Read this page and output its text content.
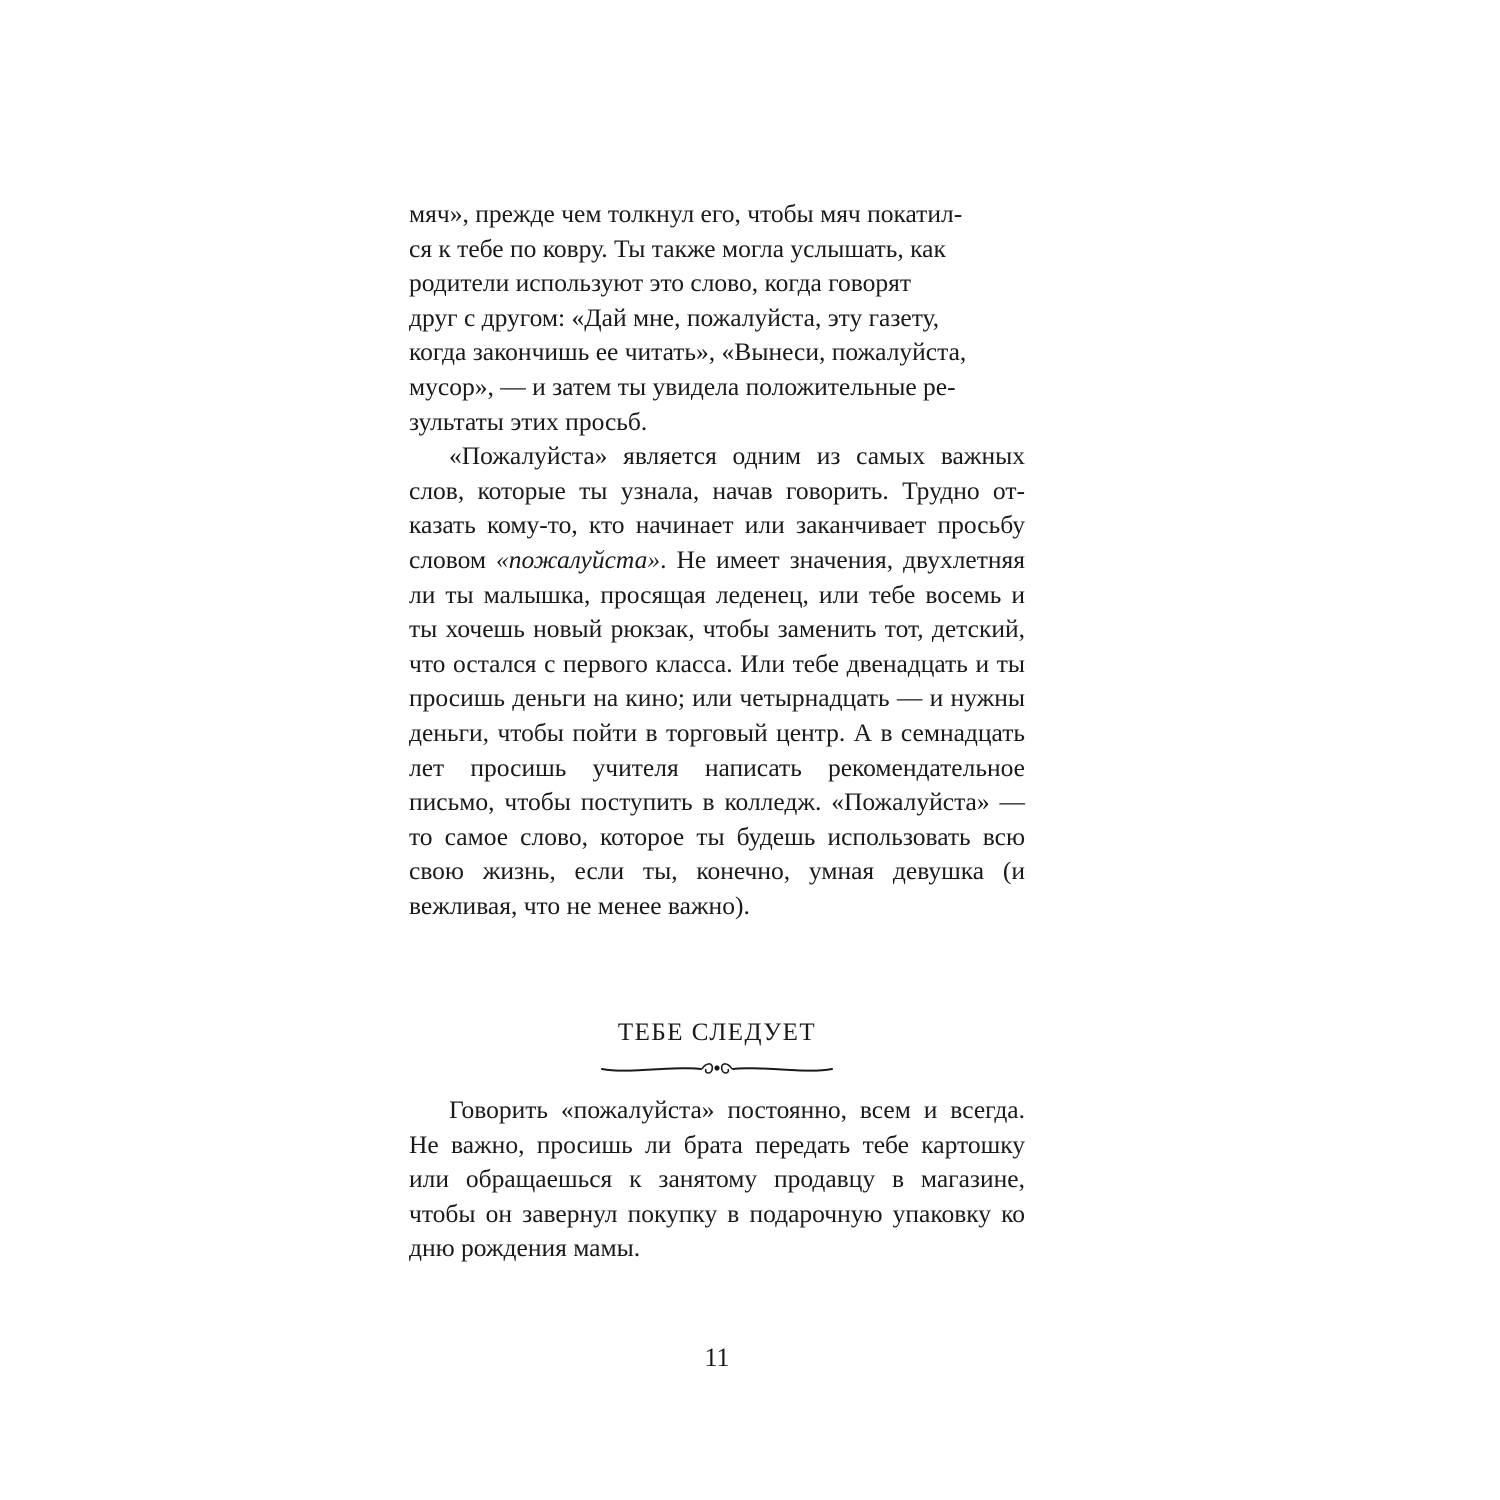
мяч», прежде чем толкнул его, чтобы мяч покатил-
ся к тебе по ковру. Ты также могла услышать, как
родители используют это слово, когда говорят
друг с другом: «Дай мне, пожалуйста, эту газету,
когда закончишь ее читать», «Вынеси, пожалуйста,
мусор», — и затем ты увидела положительные ре-
зультаты этих просьб.

«Пожалуйста» является одним из самых важных слов, которые ты узнала, начав говорить. Трудно отказать кому-то, кто начинает или заканчивает просьбу словом «пожалуйста». Не имеет значения, двухлетняя ли ты малышка, просящая леденец, или тебе восемь и ты хочешь новый рюкзак, чтобы заменить тот, детский, что остался с первого класса. Или тебе двенадцать и ты просишь деньги на кино; или четырнадцать — и нужны деньги, чтобы пойти в торговый центр. А в семнадцать лет просишь учителя написать рекомендательное письмо, чтобы поступить в колледж. «Пожалуйста» — то самое слово, которое ты будешь использовать всю свою жизнь, если ты, конечно, умная девушка (и вежливая, что не менее важно).

ТЕБЕ СЛЕДУЕТ

Говорить «пожалуйста» постоянно, всем и всегда. Не важно, просишь ли брата передать тебе картошку или обращаешься к занятому продавцу в магазине, чтобы он завернул покупку в подарочную упаковку ко дню рождения мамы.

11
